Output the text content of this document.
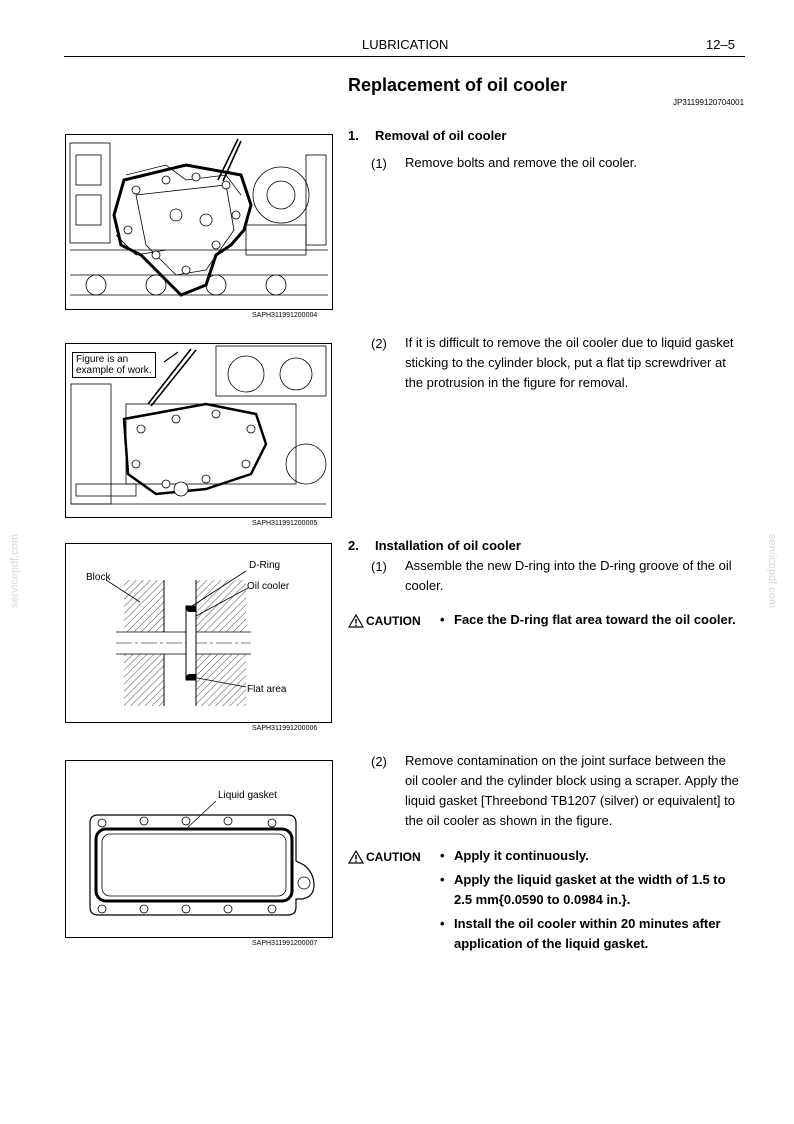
LUBRICATION	12–5
Replacement of oil cooler
JP31199120704001
servicepdf.com	servicepdf.com
1. Removal of oil cooler
(1) Remove bolts and remove the oil cooler.
(2) If it is difficult to remove the oil cooler due to liquid gasket
sticking to the cylinder block, put a flat tip screwdriver at
the protrusion in the figure for removal.
2. Installation of oil cooler
(1) Assemble the new D-ring into the D-ring groove of the oil
cooler.
CAUTION • Face the D-ring flat area toward the oil cooler.
(2) Remove contamination on the joint surface between the
oil cooler and the cylinder block using a scraper. Apply the
liquid gasket [Threebond TB1207 (silver) or equivalent] to
the oil cooler as shown in the figure.
CAUTION • Apply it continuously.
• Apply the liquid gasket at the width of 1.5 to
2.5 mm{0.0590 to 0.0984 in.}.
• Install the oil cooler within 20 minutes after
application of the liquid gasket.
SAPH311991200004
Figure is an
example of work.
SAPH311991200005
D-Ring
Block
Oil cooler
Flat area
SAPH311991200006
Liquid gasket
SAPH311991200007
